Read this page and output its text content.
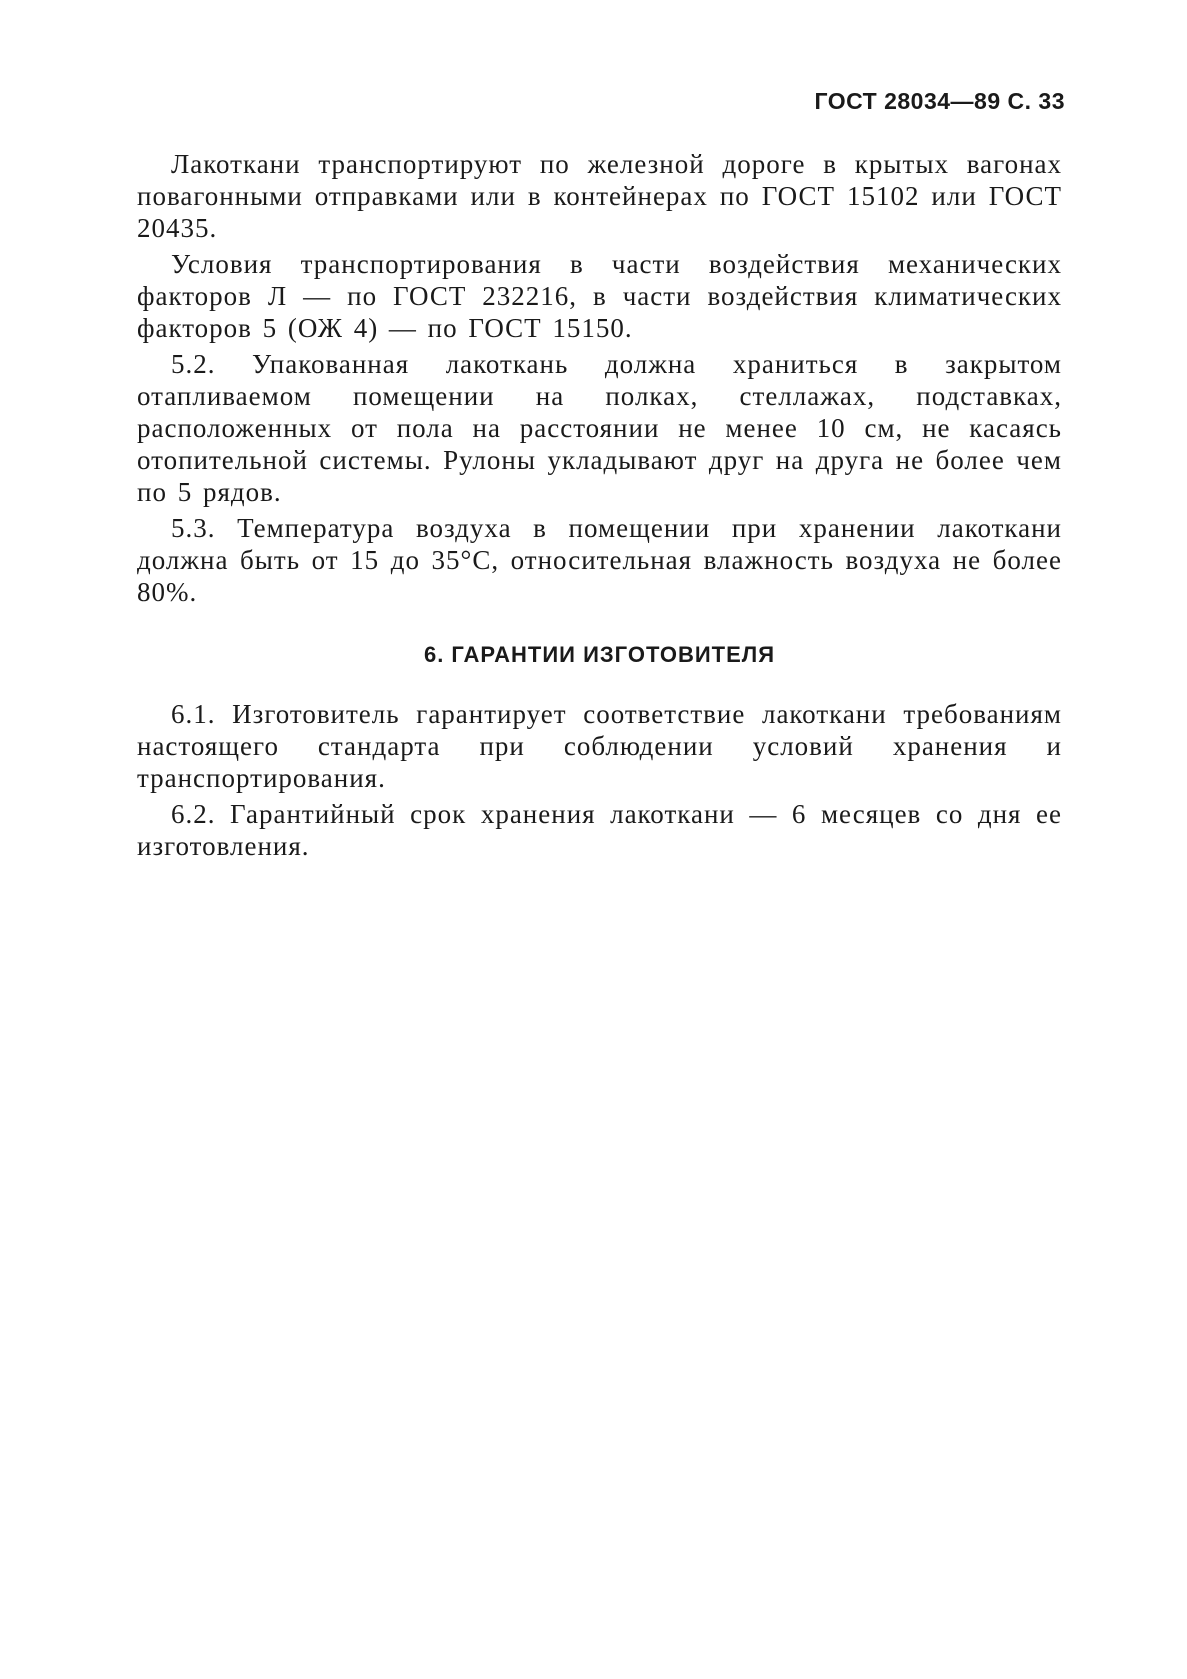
ГОСТ 28034—89 С. 33

Лакоткани транспортируют по железной дороге в крытых вагонах повагонными отправками или в контейнерах по ГОСТ 15102 или ГОСТ 20435.

Условия транспортирования в части воздействия механических факторов Л — по ГОСТ 232216, в части воздействия климатических факторов 5 (ОЖ 4) — по ГОСТ 15150.

5.2. Упакованная лакоткань должна храниться в закрытом отапливаемом помещении на полках, стеллажах, подставках, расположенных от пола на расстоянии не менее 10 см, не касаясь отопительной системы. Рулоны укладывают друг на друга не более чем по 5 рядов.

5.3. Температура воздуха в помещении при хранении лакоткани должна быть от 15 до 35°С, относительная влажность воздуха не более 80%.

6. ГАРАНТИИ ИЗГОТОВИТЕЛЯ

6.1. Изготовитель гарантирует соответствие лакоткани требованиям настоящего стандарта при соблюдении условий хранения и транспортирования.

6.2. Гарантийный срок хранения лакоткани — 6 месяцев со дня ее изготовления.
